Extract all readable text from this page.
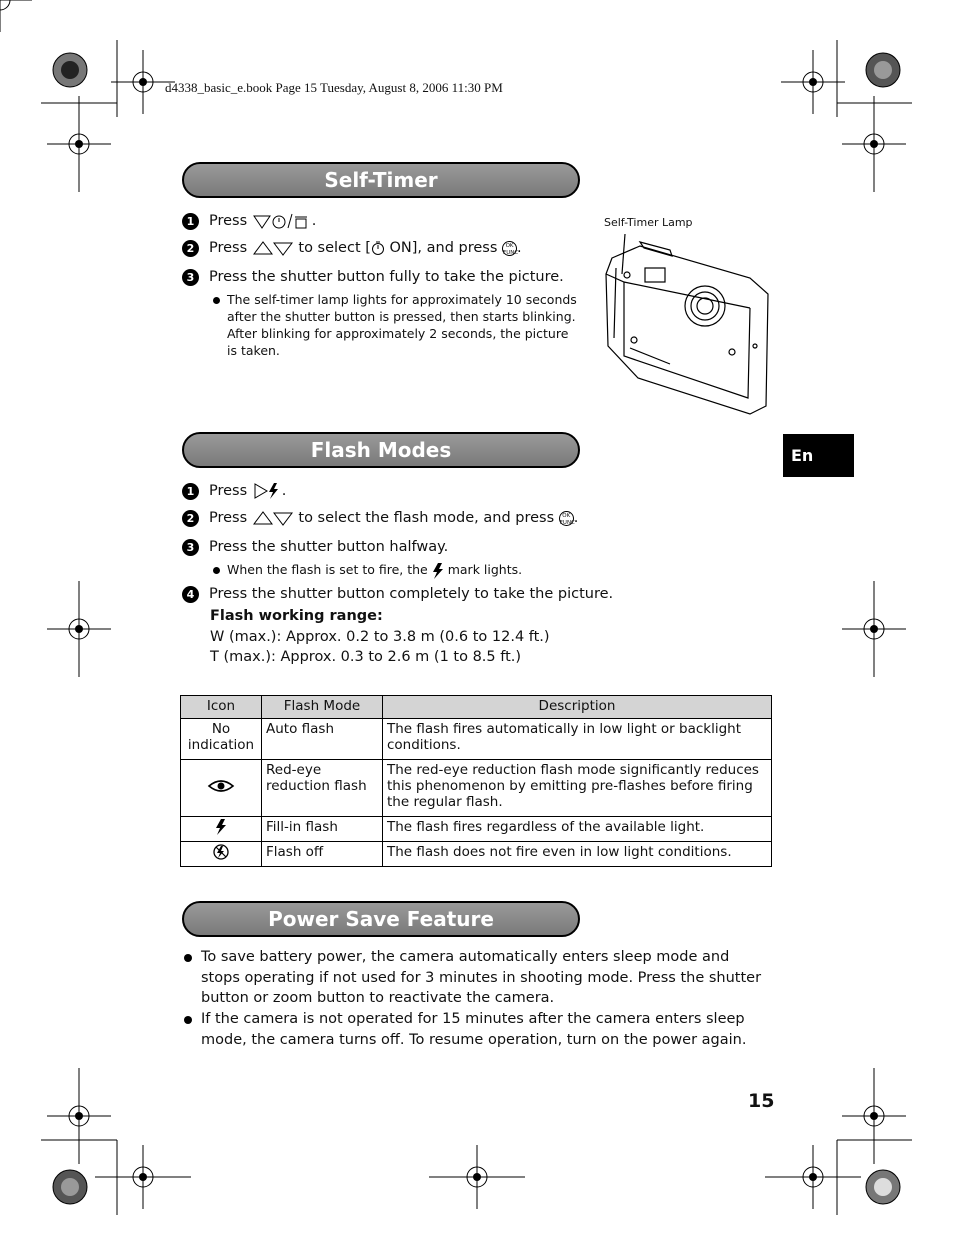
d4338_basic_e.book Page 15 Tuesday, August 8, 2006 11:30 PM
Self-Timer
1 Press	.
2 Press	to select [ ON], and press OK
FUNC.
3 Press the shutter button fully to take the picture.
The self-timer lamp lights for approximately 10 seconds after the shutter button is pressed, then starts blinking. After blinking for approximately 2 seconds, the picture is taken.
Self-Timer Lamp
En
Flash Modes
1 Press .
2 Press	to select the flash mode, and press OK
FUNC.
3 Press the shutter button halfway.
When the flash is set to fire, the mark lights.
4 Press the shutter button completely to take the picture.
Flash working range:
W (max.): Approx. 0.2 to 3.8 m (0.6 to 12.4 ft.)
T (max.): Approx. 0.3 to 2.6 m (1 to 8.5 ft.)
Icon	Flash Mode	Description
No indication	Auto flash	The flash fires automatically in low light or backlight conditions.
	Red-eye reduction flash	The red-eye reduction flash mode significantly reduces this phenomenon by emitting pre-flashes before firing the regular flash.
	Fill-in flash	The flash fires regardless of the available light.
	Flash off	The flash does not fire even in low light conditions.
Power Save Feature
To save battery power, the camera automatically enters sleep mode and stops operating if not used for 3 minutes in shooting mode. Press the shutter button or zoom button to reactivate the camera.
If the camera is not operated for 15 minutes after the camera enters sleep mode, the camera turns off. To resume operation, turn on the power again.
15
